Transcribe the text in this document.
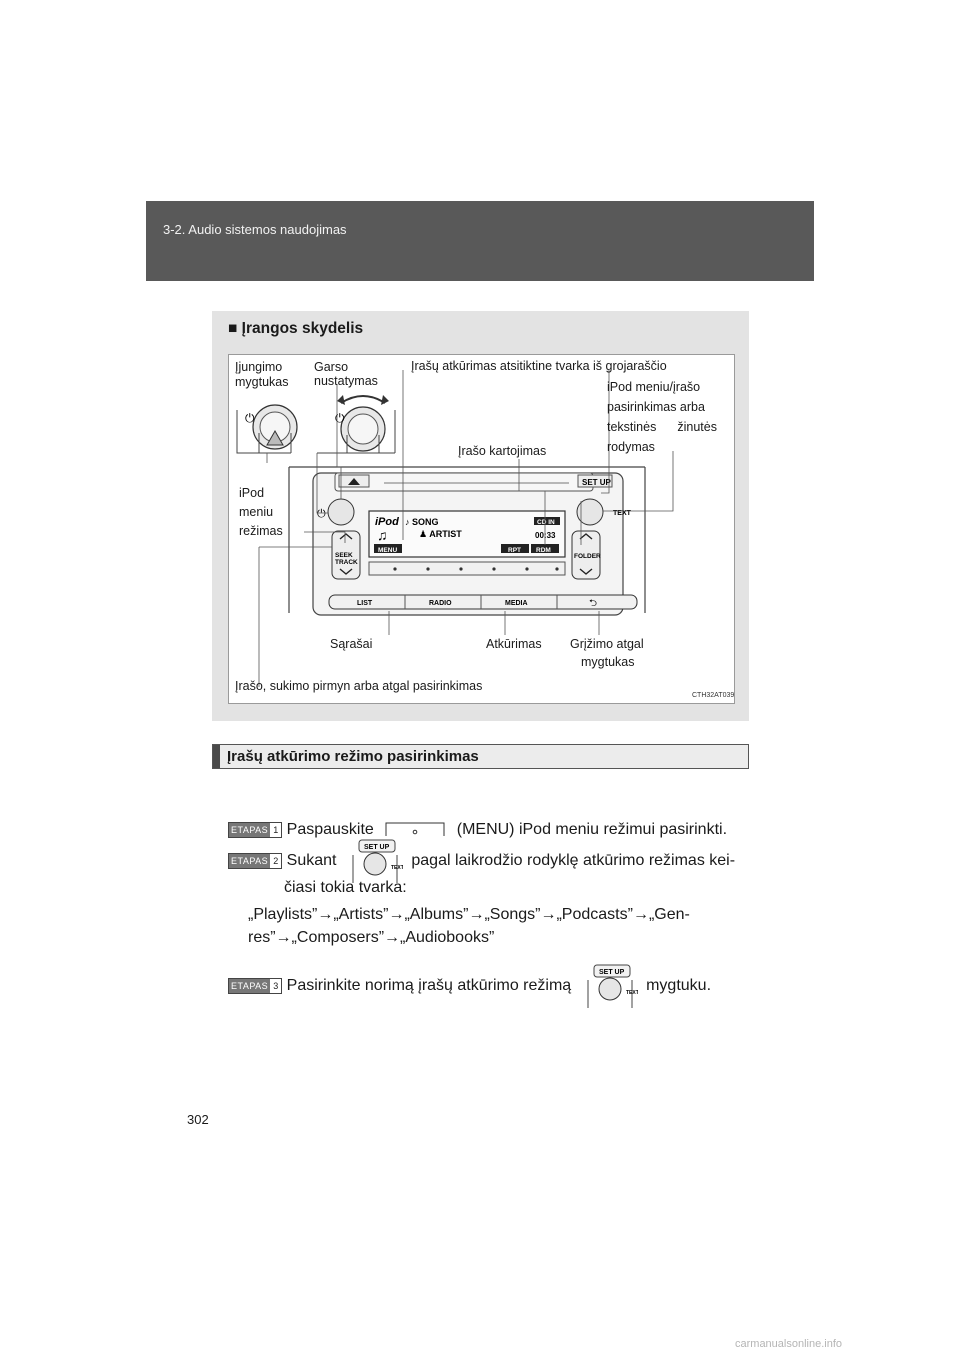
3-2. Audio sistemos naudojimas
■ Įrangos skydelis
⏻	⏻
SET UP
⏻	TEXT
SEEK
TRACK
FOLDER
iPod ♪ SONG
♟ ARTIST
♫
CD IN
00:33
MENU	RPT RDM
LIST	RADIO	MEDIA	⮌
CTH32AT039
Įjungimo
mygtukas
Garso
nustatymas
Įrašų atkūrimas atsitiktine tvarka iš grojaraščio
iPod meniu/įrašo
pasirinkimas arba
tekstinės žinutės
rodymas
Įrašo kartojimas
iPod
meniu
režimas
Sąrašai	Atkūrimas Grįžimo atgal
mygtukas
Įrašo, sukimo pirmyn arba atgal pasirinkimas
Įrašų atkūrimo režimo pasirinkimas
ETAPAS 1 Paspauskite	(MENU) iPod meniu režimui pasirinkti.
ETAPAS 2 Sukant
SET UP
TEXT pagal laikrodžio rodyklę atkūrimo režimas kei-
čiasi tokia tvarka:
„Playlists”→„Artists”→„Albums”→„Songs”→„Podcasts”→„Gen-
res”→„Composers”→„Audiobooks”
ETAPAS 3 Pasirinkite norimą įrašų atkūrimo režimą
SET UP
TEXT mygtuku.
302
carmanualsonline.info
